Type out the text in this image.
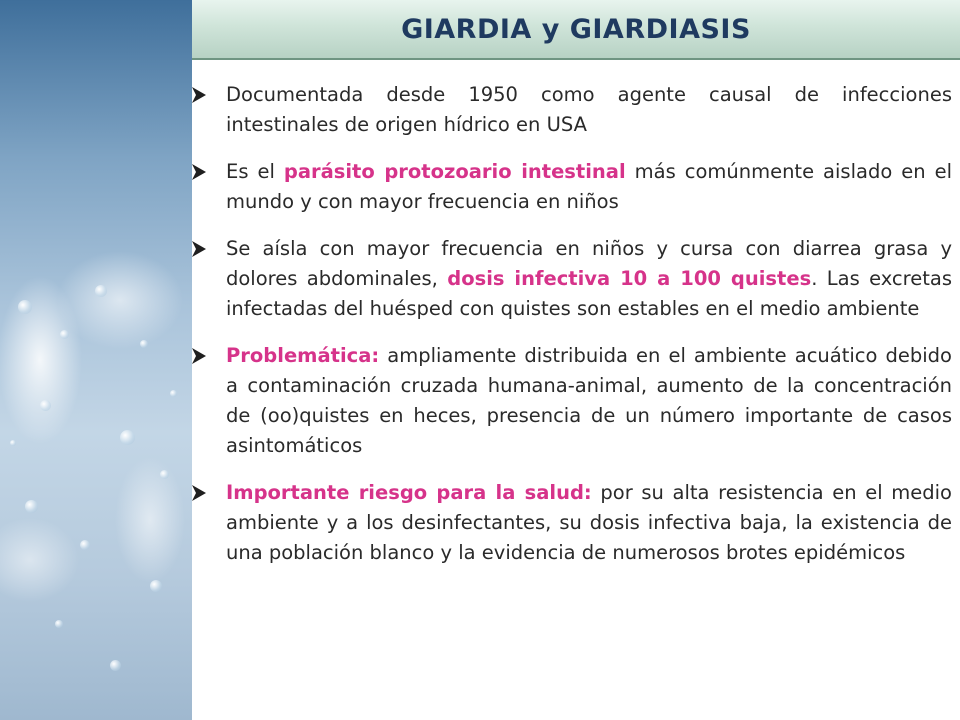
GIARDIA y GIARDIASIS
Documentada desde 1950 como agente causal de infecciones intestinales de origen hídrico en USA
Es el parásito protozoario intestinal más comúnmente aislado en el mundo y con mayor frecuencia en niños
Se aísla con mayor frecuencia en niños y cursa con diarrea grasa y dolores abdominales, dosis infectiva 10 a 100 quistes. Las excretas infectadas del huésped con quistes son estables en el medio ambiente
Problemática: ampliamente distribuida en el ambiente acuático debido a contaminación cruzada humana-animal, aumento de la concentración de (oo)quistes en heces, presencia de un número importante de casos asintomáticos
Importante riesgo para la salud: por su alta resistencia en el medio ambiente y a los desinfectantes, su dosis infectiva baja, la existencia de una población blanco y la evidencia de numerosos brotes epidémicos
